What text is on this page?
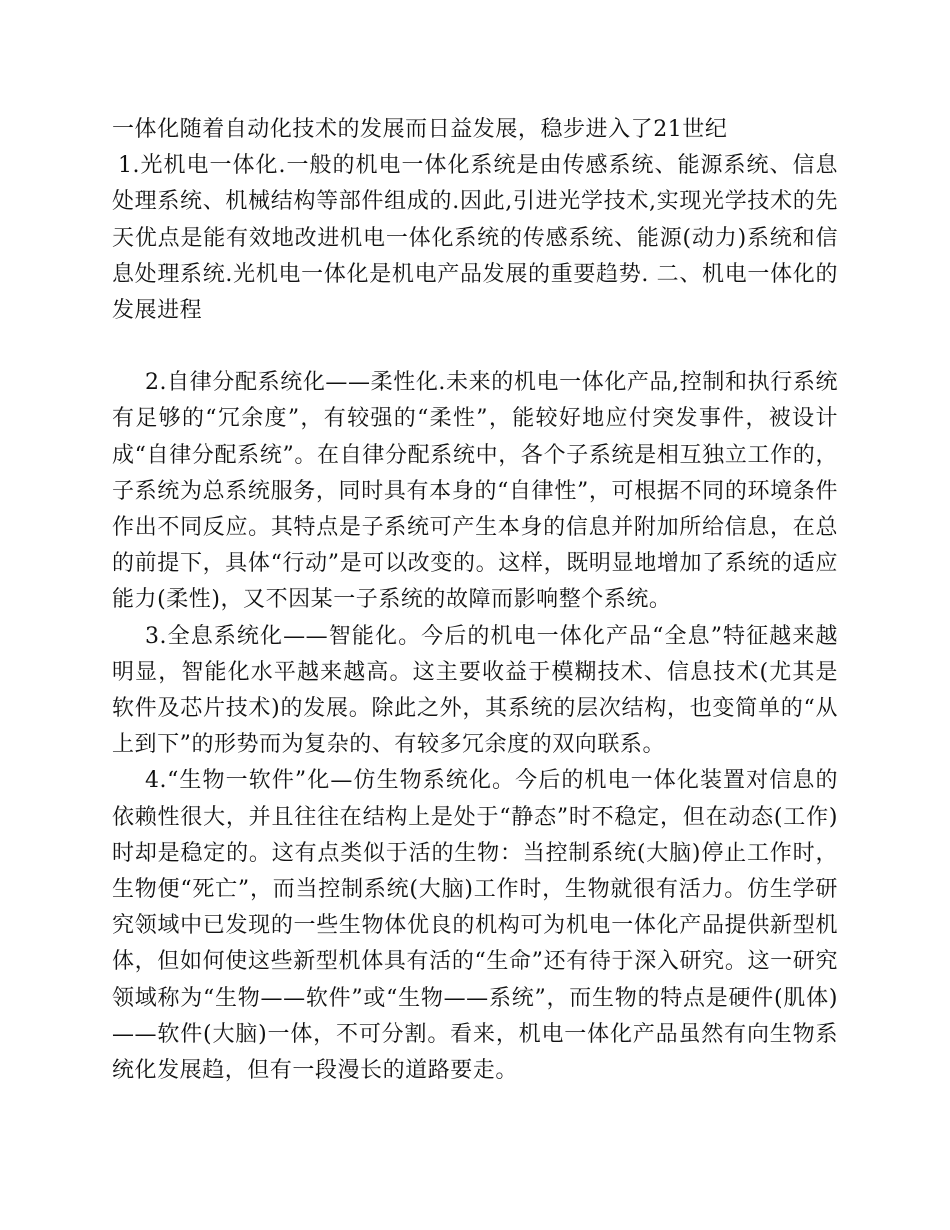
一体化随着自动化技术的发展而日益发展，稳步进入了21世纪

1.光机电一体化.一般的机电一体化系统是由传感系统、能源系统、信息处理系统、机械结构等部件组成的.因此,引进光学技术,实现光学技术的先天优点是能有效地改进机电一体化系统的传感系统、能源(动力)系统和信息处理系统.光机电一体化是机电产品发展的重要趋势. 二、机电一体化的发展进程

2.自律分配系统化——柔性化.未来的机电一体化产品,控制和执行系统有足够的“冗余度”，有较强的“柔性”，能较好地应付突发事件，被设计成“自律分配系统”。在自律分配系统中，各个子系统是相互独立工作的，子系统为总系统服务，同时具有本身的“自律性”，可根据不同的环境条件作出不同反应。其特点是子系统可产生本身的信息并附加所给信息，在总的前提下，具体“行动”是可以改变的。这样，既明显地增加了系统的适应能力(柔性)，又不因某一子系统的故障而影响整个系统。

3.全息系统化——智能化。今后的机电一体化产品“全息”特征越来越明显，智能化水平越来越高。这主要收益于模糊技术、信息技术(尤其是软件及芯片技术)的发展。除此之外，其系统的层次结构，也变简单的“从上到下”的形势而为复杂的、有较多冗余度的双向联系。

4.“生物一软件”化—仿生物系统化。今后的机电一体化装置对信息的依赖性很大，并且往往在结构上是处于“静态”时不稳定，但在动态(工作)时却是稳定的。这有点类似于活的生物：当控制系统(大脑)停止工作时，生物便“死亡”，而当控制系统(大脑)工作时，生物就很有活力。仿生学研究领域中已发现的一些生物体优良的机构可为机电一体化产品提供新型机体，但如何使这些新型机体具有活的“生命”还有待于深入研究。这一研究领域称为“生物——软件”或“生物——系统”，而生物的特点是硬件(肌体)——软件(大脑)一体，不可分割。看来，机电一体化产品虽然有向生物系统化发展趋，但有一段漫长的道路要走。
